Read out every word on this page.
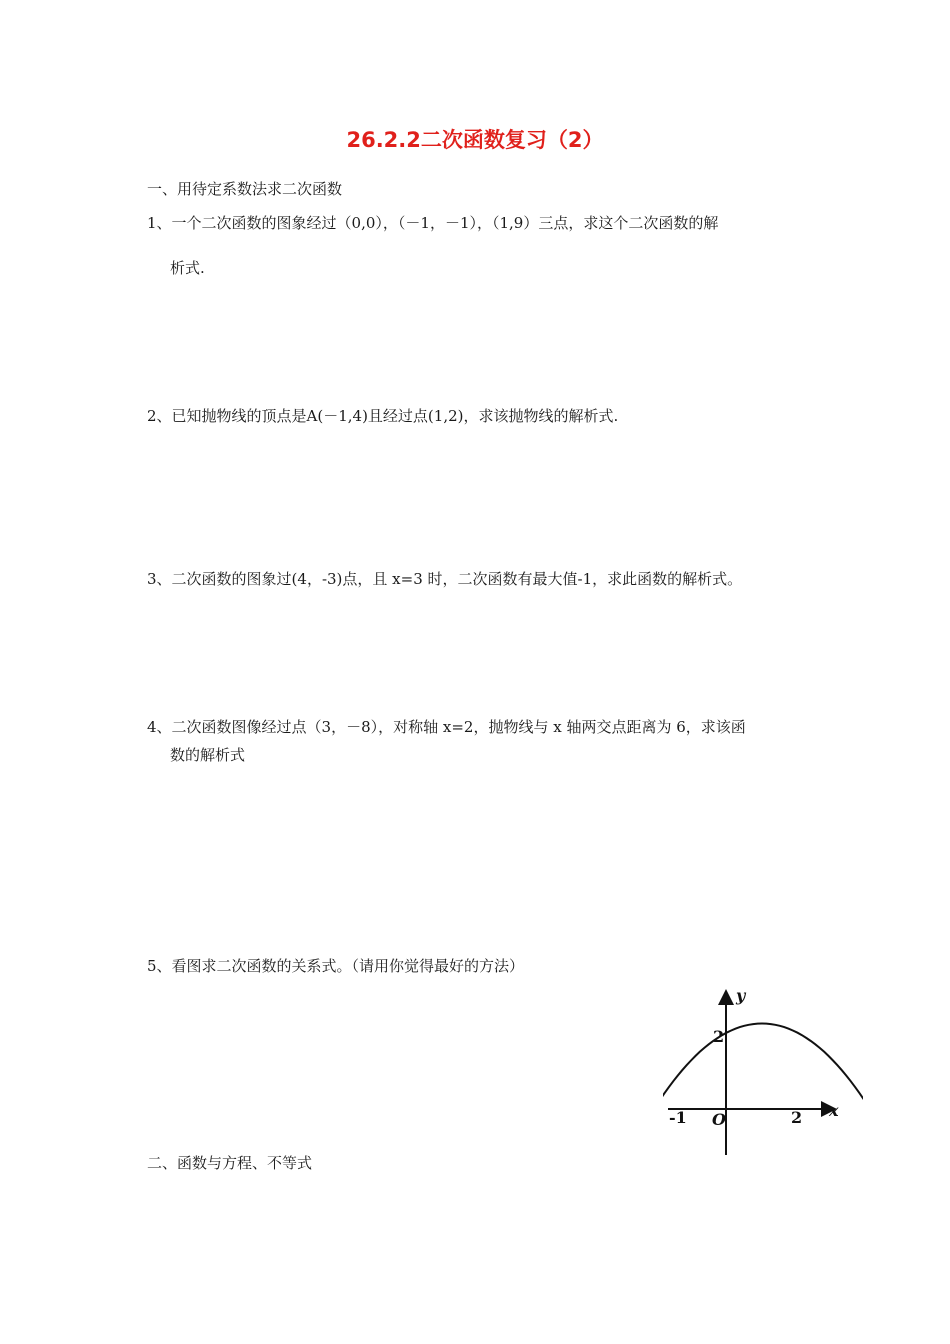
26.2.2二次函数复习（2）
一、用待定系数法求二次函数
1、一个二次函数的图象经过（0,0），（－1，－1），（1,9）三点，求这个二次函数的解
析式.
2、已知抛物线的顶点是A(－1,4)且经过点(1,2)，求该抛物线的解析式.
3、二次函数的图象过(4，-3)点，且 x=3 时，二次函数有最大值-1，求此函数的解析式。
4、二次函数图像经过点（3，－8），对称轴 x=2，抛物线与 x 轴两交点距离为 6，求该函
数的解析式
5、看图求二次函数的关系式。（请用你觉得最好的方法）
y
x
2
-1 O	2
二、函数与方程、不等式
